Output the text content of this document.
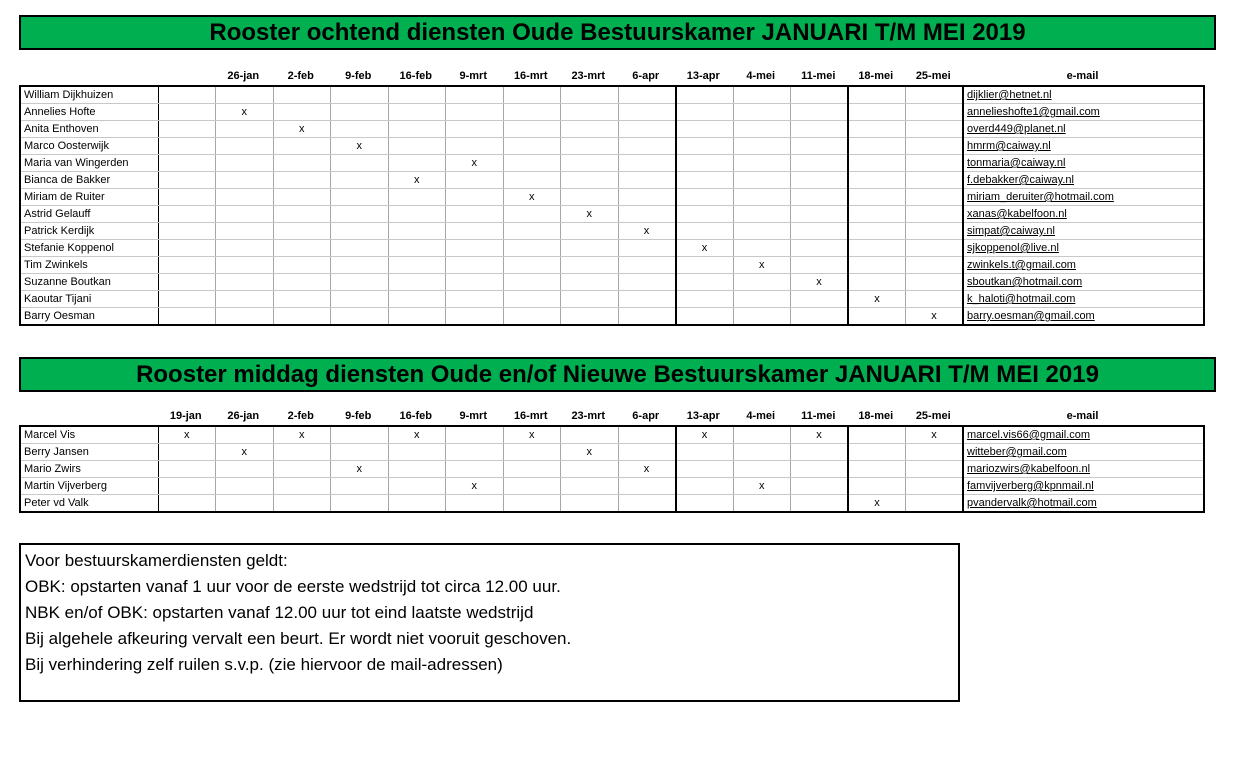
Rooster ochtend diensten Oude Bestuurskamer JANUARI T/M MEI 2019
26-jan	2-feb	9-feb	16-feb	9-mrt	16-mrt	23-mrt	6-apr	13-apr	4-mei	11-mei	18-mei	25-mei	e-mail
William Dijkhuizen															dijklier@hetnet.nl
Annelies Hofte		x													annelieshofte1@gmail.com
Anita Enthoven			x												overd449@planet.nl
Marco Oosterwijk				x											hmrm@caiway.nl
Maria van Wingerden						x									tonmaria@caiway.nl
Bianca de Bakker					x										f.debakker@caiway.nl
Miriam de Ruiter							x								miriam_deruiter@hotmail.com
Astrid Gelauff								x							xanas@kabelfoon.nl
Patrick Kerdijk									x						simpat@caiway.nl
Stefanie Koppenol										x					sjkoppenol@live.nl
Tim Zwinkels											x				zwinkels.t@gmail.com
Suzanne Boutkan												x			sboutkan@hotmail.com
Kaoutar Tijani													x		k_haloti@hotmail.com
Barry Oesman														x	barry.oesman@gmail.com
Rooster middag diensten Oude en/of Nieuwe Bestuurskamer JANUARI T/M MEI 2019
19-jan	26-jan	2-feb	9-feb	16-feb	9-mrt	16-mrt	23-mrt	6-apr	13-apr	4-mei	11-mei	18-mei	25-mei	e-mail
Marcel Vis	x		x		x		x			x		x		x	marcel.vis66@gmail.com
Berry Jansen		x						x							witteber@gmail.com
Mario Zwirs				x					x						mariozwirs@kabelfoon.nl
Martin Vijverberg						x					x				famvijverberg@kpnmail.nl
Peter vd Valk													x		pvandervalk@hotmail.com
Voor bestuurskamerdiensten geldt:
OBK: opstarten vanaf 1 uur voor de eerste wedstrijd tot circa 12.00 uur.
NBK en/of OBK: opstarten vanaf 12.00 uur tot eind laatste wedstrijd
Bij algehele afkeuring vervalt een beurt. Er wordt niet vooruit geschoven.
Bij verhindering zelf ruilen s.v.p. (zie hiervoor de mail-adressen)
